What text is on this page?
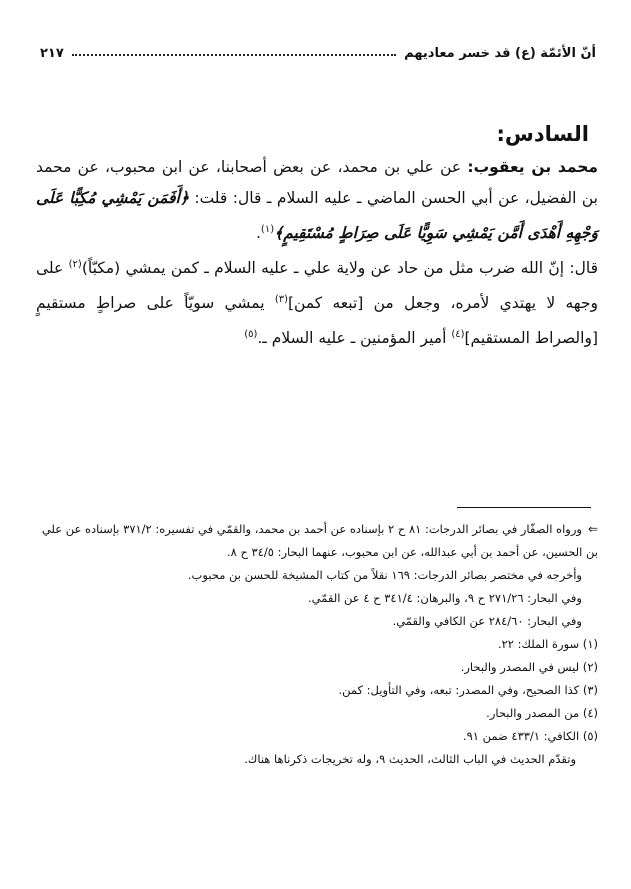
أنّ الأئمّة (ع) قد خسر معاديهم
٢١٧
السادس:

محمد بن يعقوب: عن علي بن محمد، عن بعض أصحابنا، عن ابن محبوب، عن محمد بن الفضيل، عن أبي الحسن الماضي ـ عليه السلام ـ قال: قلت: ﴿أَفَمَن يَمْشِي مُكِبًّا عَلَى وَجْهِهِ أَهْدَى أَمَّن يَمْشِي سَوِيًّا عَلَى صِرَاطٍ مُسْتَقِيمٍ﴾$^{(١)}$.

قال: إنّ الله ضرب مثل من حاد عن ولاية علي ـ عليه السلام ـ كمن يمشي (مكبّاً)$^{(٢)}$ على وجهه لا يهتدي لأمره، وجعل من [تبعه كمن]$^{(٣)}$ يمشي سويّاً على صراطٍ مستقيمٍ [والصراط المستقيم]$^{(٤)}$ أمير المؤمنين ـ عليه السلام ـ.$^{(٥)}$

⇐ورواه الصفّار في بصائر الدرجات: ٨١ ح ٢ بإسناده عن أحمد بن محمد، والقمّي في تفسيره: ٣٧١/٢ بإسناده عن علي بن الحسين، عن أحمد بن أبي عبدالله، عن ابن محبوب، عنهما البحار: ٣٤/٥ ح ٨.

وأخرجه في مختصر بصائر الدرجات: ١٦٩ نقلاً من كتاب المشيخة للحسن بن محبوب.

وفي البحار: ٢٧١/٢٦ ح ٩، والبرهان: ٣٤١/٤ ح ٤ عن القمّي.

وفي البحار: ٢٨٤/٦٠ عن الكافي والقمّي.

(١) سورة الملك: ٢٢.

(٢) ليس في المصدر والبحار.

(٣) كذا الصحيح، وفي المصدر: تبعه، وفي التأويل: كمن.

(٤) من المصدر والبحار.

(٥) الكافي: ٤٣٣/١ ضمن ٩١.

وتقدّم الحديث في الباب الثالث، الحديث ٩، وله تخريجات ذكرناها هناك.
